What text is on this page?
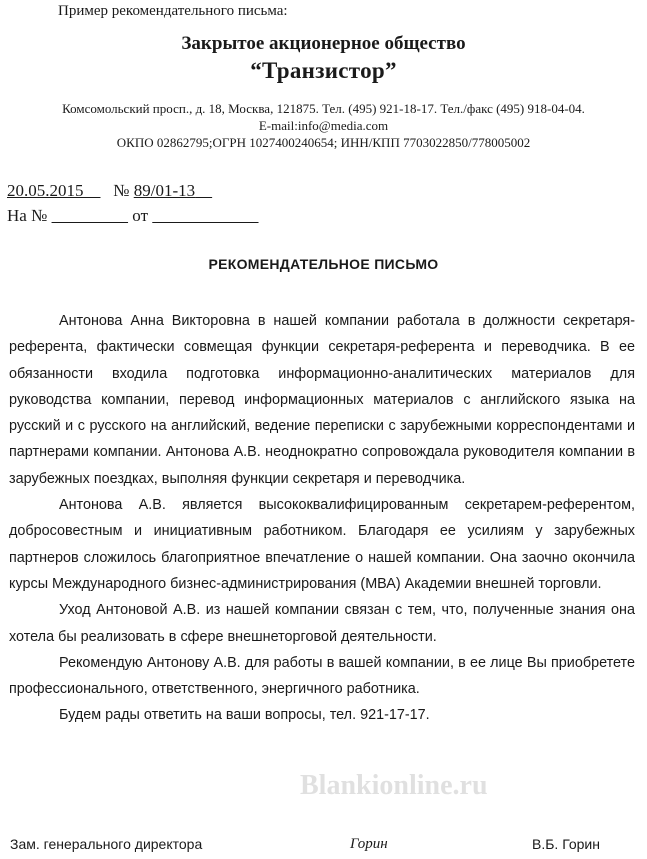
Пример рекомендательного письма:
Закрытое акционерное общество
“Транзистор”
Комсомольский просп., д. 18, Москва, 121875. Тел. (495) 921-18-17. Тел./факс (495) 918-04-04.
E-mail:info@media.com
ОКПО 02862795;ОГРН 1027400240654; ИНН/КПП 7703022850/778005002
20.05.2015 № 89/01-13
На №	от
РЕКОМЕНДАТЕЛЬНОЕ ПИСЬМО
Blankionline.ru

Антонова Анна Викторовна в нашей компании работала в должности секретаря-референта, фактически совмещая функции секретаря-референта и переводчика. В ее обязанности входила подготовка информационно-аналитических материалов для руководства компании, перевод информационных материалов с английского языка на русский и с русского на английский, ведение переписки с зарубежными корреспондентами и партнерами компании. Антонова А.В. неоднократно сопровождала руководителя компании в зарубежных поездках, выполняя функции секретаря и переводчика.

Антонова А.В. является высококвалифицированным секретарем-референтом, добросовестным и инициативным работником. Благодаря ее усилиям у зарубежных партнеров сложилось благоприятное впечатление о нашей компании. Она заочно окончила курсы Международного бизнес-администрирования (МВА) Академии внешней торговли.

Уход Антоновой А.В. из нашей компании связан с тем, что, полученные знания она хотела бы реализовать в сфере внешнеторговой деятельности.

Рекомендую Антонову А.В. для работы в вашей компании, в ее лице Вы приобретете профессионального, ответственного, энергичного работника.

Будем рады ответить на ваши вопросы, тел. 921-17-17.

Зам. генерального директора	Горин	В.Б. Горин
